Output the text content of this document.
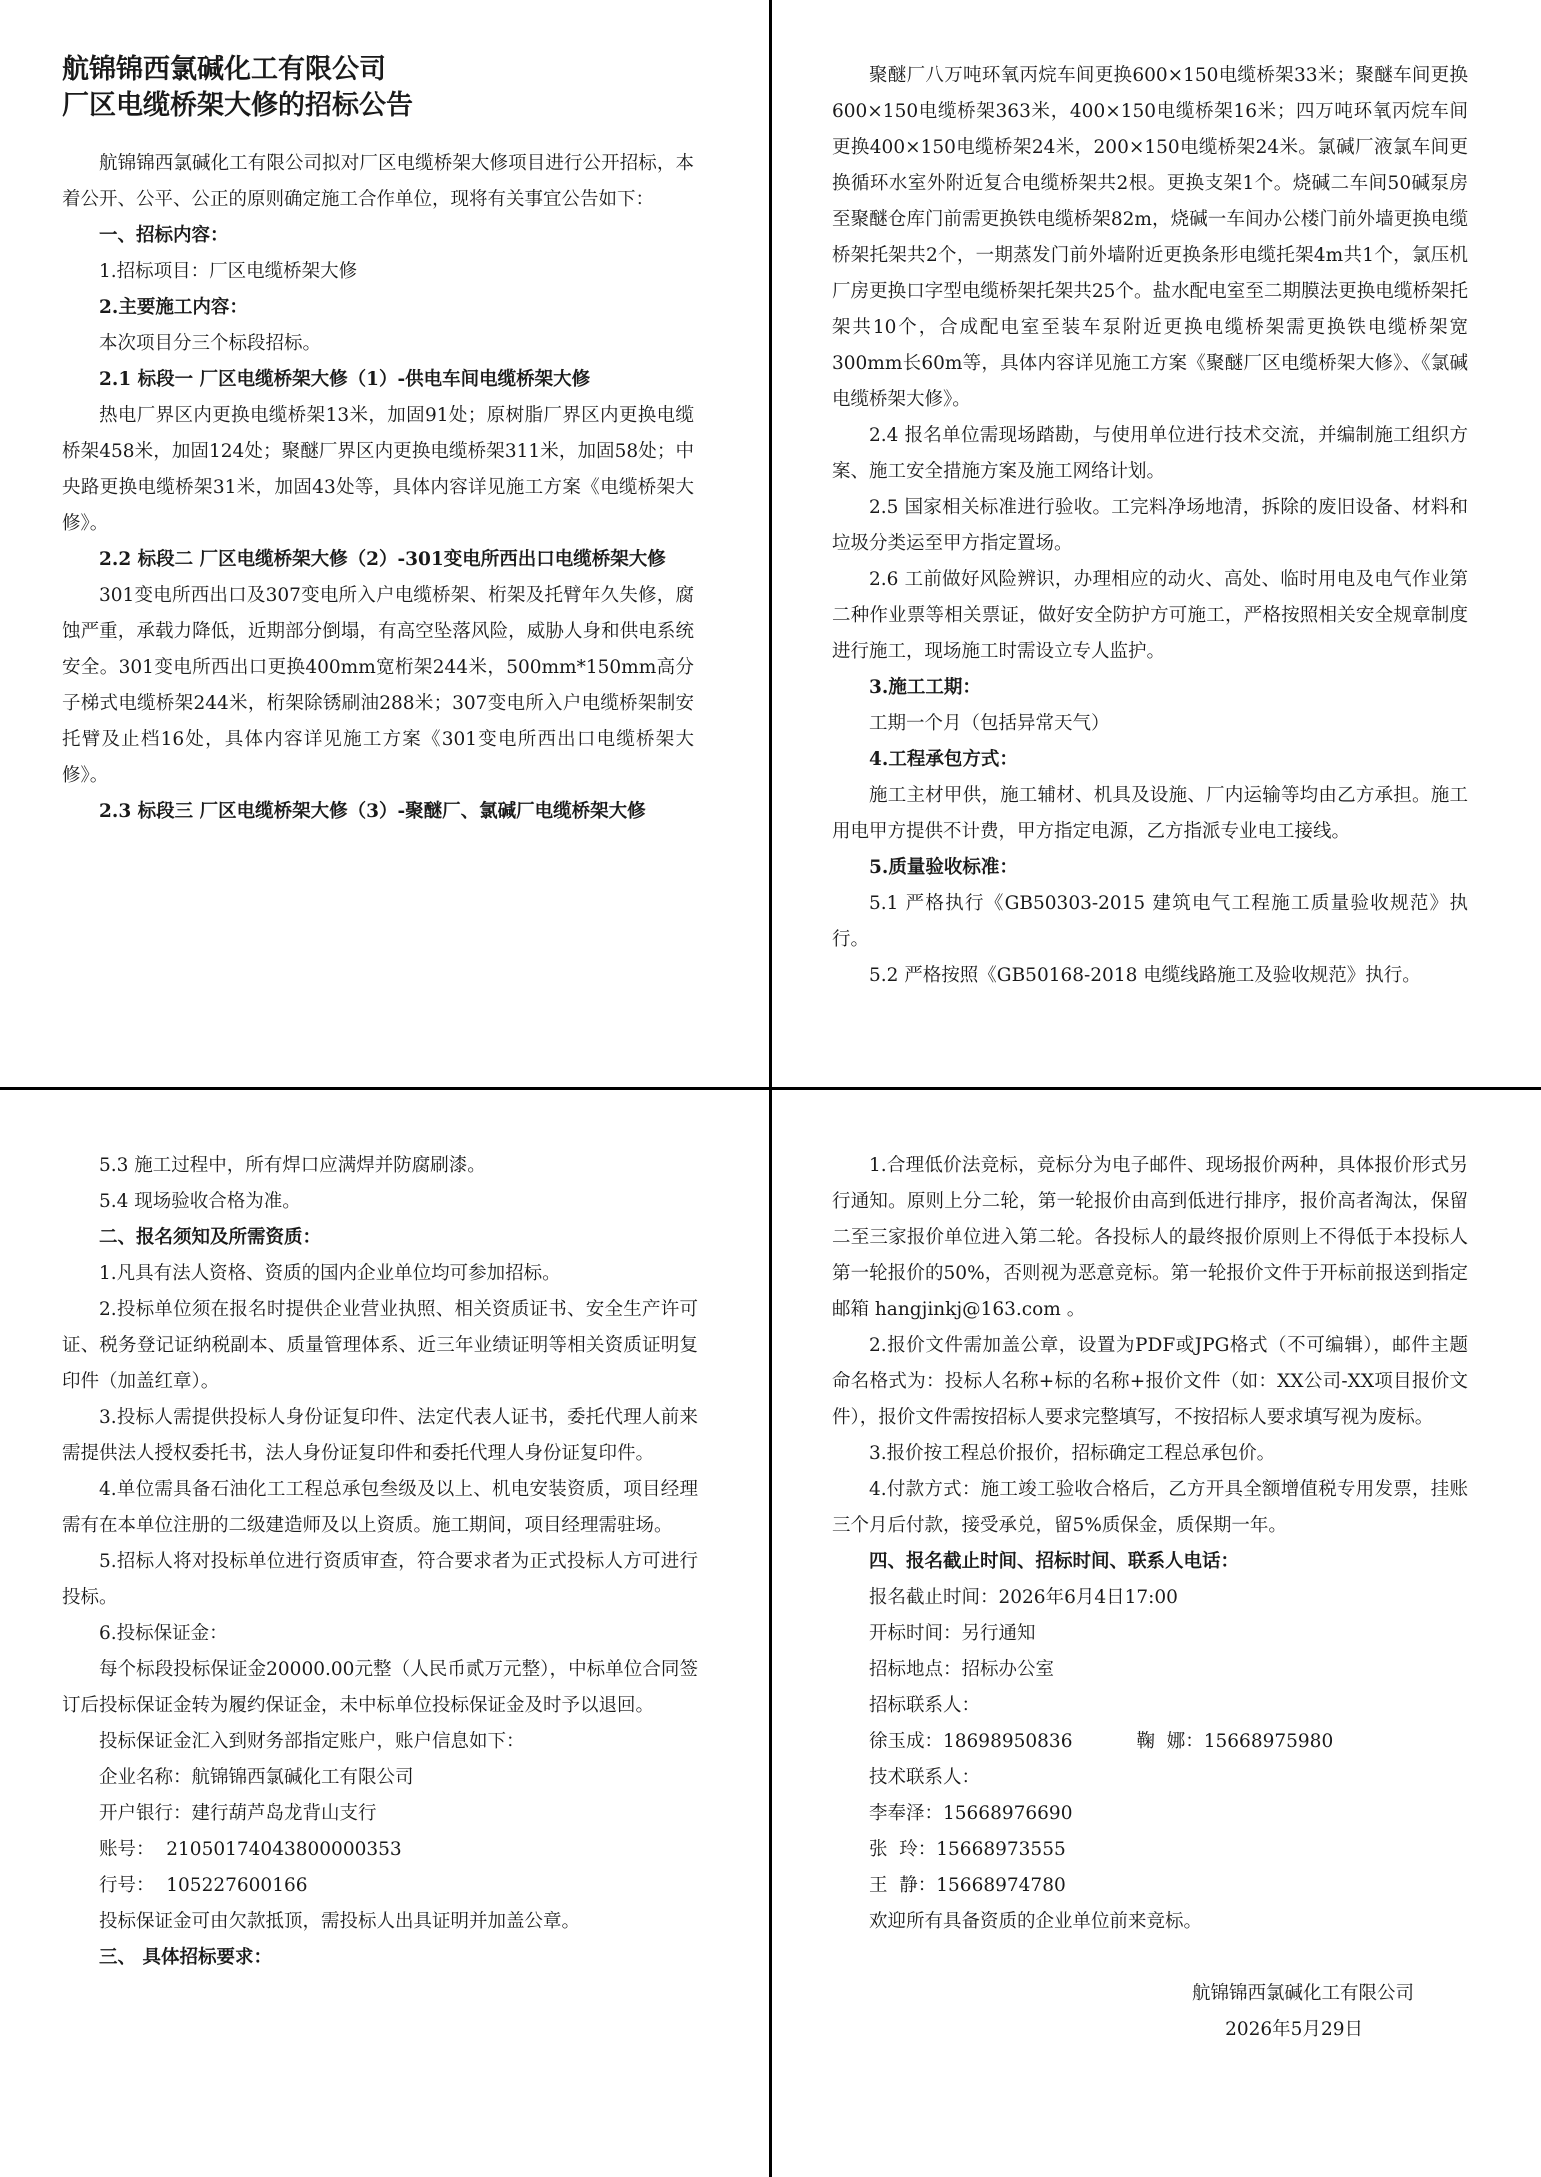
航锦锦西氯碱化工有限公司

厂区电缆桥架大修的招标公告

航锦锦西氯碱化工有限公司拟对厂区电缆桥架大修项目进行公开招标，本着公开、公平、公正的原则确定施工合作单位，现将有关事宜公告如下：

一、招标内容：

1.招标项目：厂区电缆桥架大修

2.主要施工内容：

本次项目分三个标段招标。

2.1 标段一 厂区电缆桥架大修（1）-供电车间电缆桥架大修

热电厂界区内更换电缆桥架13米，加固91处；原树脂厂界区内更换电缆桥架458米，加固124处；聚醚厂界区内更换电缆桥架311米，加固58处；中央路更换电缆桥架31米，加固43处等，具体内容详见施工方案《电缆桥架大修》。

2.2 标段二 厂区电缆桥架大修（2）-301变电所西出口电缆桥架大修

301变电所西出口及307变电所入户电缆桥架、桁架及托臂年久失修，腐蚀严重，承载力降低，近期部分倒塌，有高空坠落风险，威胁人身和供电系统安全。301变电所西出口更换400mm宽桁架244米，500mm*150mm高分子梯式电缆桥架244米，桁架除锈刷油288米；307变电所入户电缆桥架制安托臂及止档16处，具体内容详见施工方案《301变电所西出口电缆桥架大修》。

2.3 标段三 厂区电缆桥架大修（3）-聚醚厂、氯碱厂电缆桥架大修

聚醚厂八万吨环氧丙烷车间更换600×150电缆桥架33米；聚醚车间更换600×150电缆桥架363米，400×150电缆桥架16米；四万吨环氧丙烷车间更换400×150电缆桥架24米，200×150电缆桥架24米。氯碱厂液氯车间更换循环水室外附近复合电缆桥架共2根。更换支架1个。烧碱二车间50碱泵房至聚醚仓库门前需更换铁电缆桥架82m，烧碱一车间办公楼门前外墙更换电缆桥架托架共2个，一期蒸发门前外墙附近更换条形电缆托架4m共1个，氯压机厂房更换口字型电缆桥架托架共25个。盐水配电室至二期膜法更换电缆桥架托架共10个，合成配电室至装车泵附近更换电缆桥架需更换铁电缆桥架宽300mm长60m等，具体内容详见施工方案《聚醚厂区电缆桥架大修》、《氯碱电缆桥架大修》。

2.4 报名单位需现场踏勘，与使用单位进行技术交流，并编制施工组织方案、施工安全措施方案及施工网络计划。

2.5 国家相关标准进行验收。工完料净场地清，拆除的废旧设备、材料和垃圾分类运至甲方指定置场。

2.6 工前做好风险辨识，办理相应的动火、高处、临时用电及电气作业第二种作业票等相关票证，做好安全防护方可施工，严格按照相关安全规章制度进行施工，现场施工时需设立专人监护。

3.施工工期：

工期一个月（包括异常天气）

4.工程承包方式：

施工主材甲供，施工辅材、机具及设施、厂内运输等均由乙方承担。施工用电甲方提供不计费，甲方指定电源，乙方指派专业电工接线。

5.质量验收标准：

5.1 严格执行《GB50303-2015 建筑电气工程施工质量验收规范》执行。

5.2 严格按照《GB50168-2018 电缆线路施工及验收规范》执行。

5.3 施工过程中，所有焊口应满焊并防腐刷漆。

5.4 现场验收合格为准。

二、报名须知及所需资质：

1.凡具有法人资格、资质的国内企业单位均可参加招标。

2.投标单位须在报名时提供企业营业执照、相关资质证书、安全生产许可证、税务登记证纳税副本、质量管理体系、近三年业绩证明等相关资质证明复印件（加盖红章）。

3.投标人需提供投标人身份证复印件、法定代表人证书，委托代理人前来需提供法人授权委托书，法人身份证复印件和委托代理人身份证复印件。

4.单位需具备石油化工工程总承包叁级及以上、机电安装资质，项目经理需有在本单位注册的二级建造师及以上资质。施工期间，项目经理需驻场。

5.招标人将对投标单位进行资质审查，符合要求者为正式投标人方可进行投标。

6.投标保证金：

每个标段投标保证金20000.00元整（人民币贰万元整），中标单位合同签订后投标保证金转为履约保证金，未中标单位投标保证金及时予以退回。

投标保证金汇入到财务部指定账户，账户信息如下：

企业名称：航锦锦西氯碱化工有限公司

开户银行：建行葫芦岛龙背山支行

账号：  21050174043800000353

行号：  105227600166

投标保证金可由欠款抵顶，需投标人出具证明并加盖公章。

三、 具体招标要求：

1.合理低价法竞标，竞标分为电子邮件、现场报价两种，具体报价形式另行通知。原则上分二轮，第一轮报价由高到低进行排序，报价高者淘汰，保留二至三家报价单位进入第二轮。各投标人的最终报价原则上不得低于本投标人第一轮报价的50%，否则视为恶意竞标。第一轮报价文件于开标前报送到指定邮箱 hangjinkj@163.com 。

2.报价文件需加盖公章，设置为PDF或JPG格式（不可编辑），邮件主题命名格式为：投标人名称+标的名称+报价文件（如：XX公司-XX项目报价文件），报价文件需按招标人要求完整填写，不按招标人要求填写视为废标。

3.报价按工程总价报价，招标确定工程总承包价。

4.付款方式：施工竣工验收合格后，乙方开具全额增值税专用发票，挂账三个月后付款，接受承兑，留5%质保金，质保期一年。

四、报名截止时间、招标时间、联系人电话：

报名截止时间：2026年6月4日17:00

开标时间：另行通知

招标地点：招标办公室

招标联系人：

徐玉成：18698950836	鞠  娜：15668975980

技术联系人：

李奉泽：15668976690

张  玲：15668973555

王  静：15668974780

欢迎所有具备资质的企业单位前来竞标。

航锦锦西氯碱化工有限公司

2026年5月29日
